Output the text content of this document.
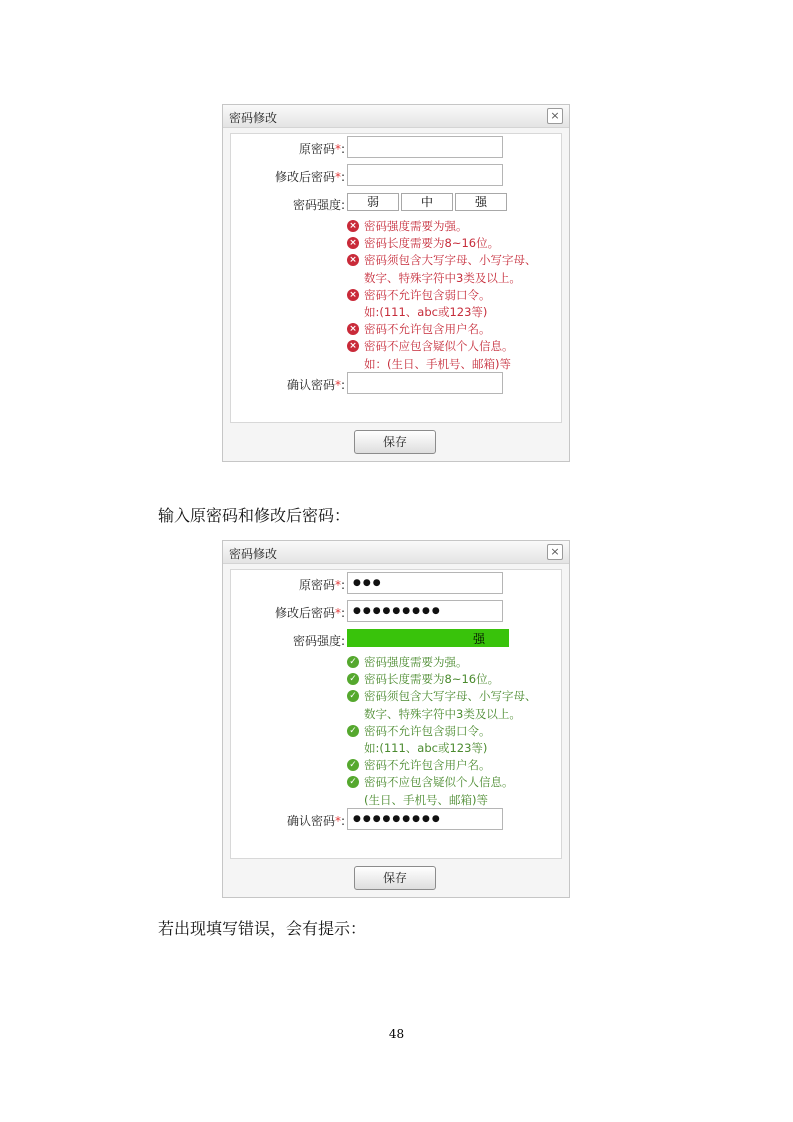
密码修改	×
原密码*:
修改后密码*:
密码强度:	弱	中	强
× 密码强度需要为强。
× 密码长度需要为8~16位。
× 密码须包含大写字母、小写字母、
数字、特殊字符中3类及以上。
× 密码不允许包含弱口令。
如:(111、abc或123等)
× 密码不允许包含用户名。
× 密码不应包含疑似个人信息。
如：(生日、手机号、邮箱)等
确认密码*:
保存
输入原密码和修改后密码：
密码修改	×
原密码*: ●●●
修改后密码*: ●●●●●●●●●
密码强度:	强
✓ 密码强度需要为强。
✓ 密码长度需要为8~16位。
✓ 密码须包含大写字母、小写字母、
数字、特殊字符中3类及以上。
✓ 密码不允许包含弱口令。
如:(111、abc或123等)
✓ 密码不允许包含用户名。
✓ 密码不应包含疑似个人信息。
(生日、手机号、邮箱)等
确认密码*: ●●●●●●●●●
保存
若出现填写错误，会有提示：
48
